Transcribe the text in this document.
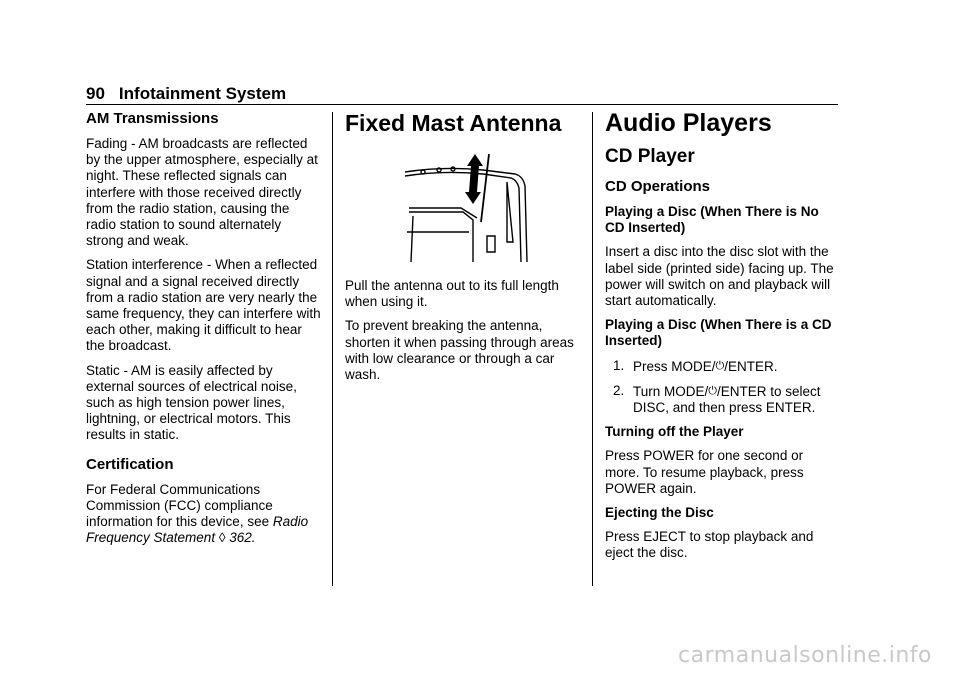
90 Infotainment System
AM Transmissions

Fading - AM broadcasts are reflected by the upper atmosphere, especially at night. These reflected signals can interfere with those received directly from the radio station, causing the radio station to sound alternately strong and weak.

Station interference - When a reflected signal and a signal received directly from a radio station are very nearly the same frequency, they can interfere with each other, making it difficult to hear the broadcast.

Static - AM is easily affected by external sources of electrical noise, such as high tension power lines, lightning, or electrical motors. This results in static.

Certification

For Federal Communications Commission (FCC) compliance information for this device, see Radio Frequency Statement ◊ 362.

Fixed Mast Antenna

Pull the antenna out to its full length when using it.

To prevent breaking the antenna, shorten it when passing through areas with low clearance or through a car wash.

Audio Players
CD Player
CD Operations

Playing a Disc (When There is No CD Inserted)

Insert a disc into the disc slot with the label side (printed side) facing up. The power will switch on and playback will start automatically.

Playing a Disc (When There is a CD Inserted)

1. Press MODE/⏻/ENTER.
2. Turn MODE/⏻/ENTER to select DISC, and then press ENTER.

Turning off the Player

Press POWER for one second or more. To resume playback, press POWER again.

Ejecting the Disc

Press EJECT to stop playback and eject the disc.

carmanualsonline.info
